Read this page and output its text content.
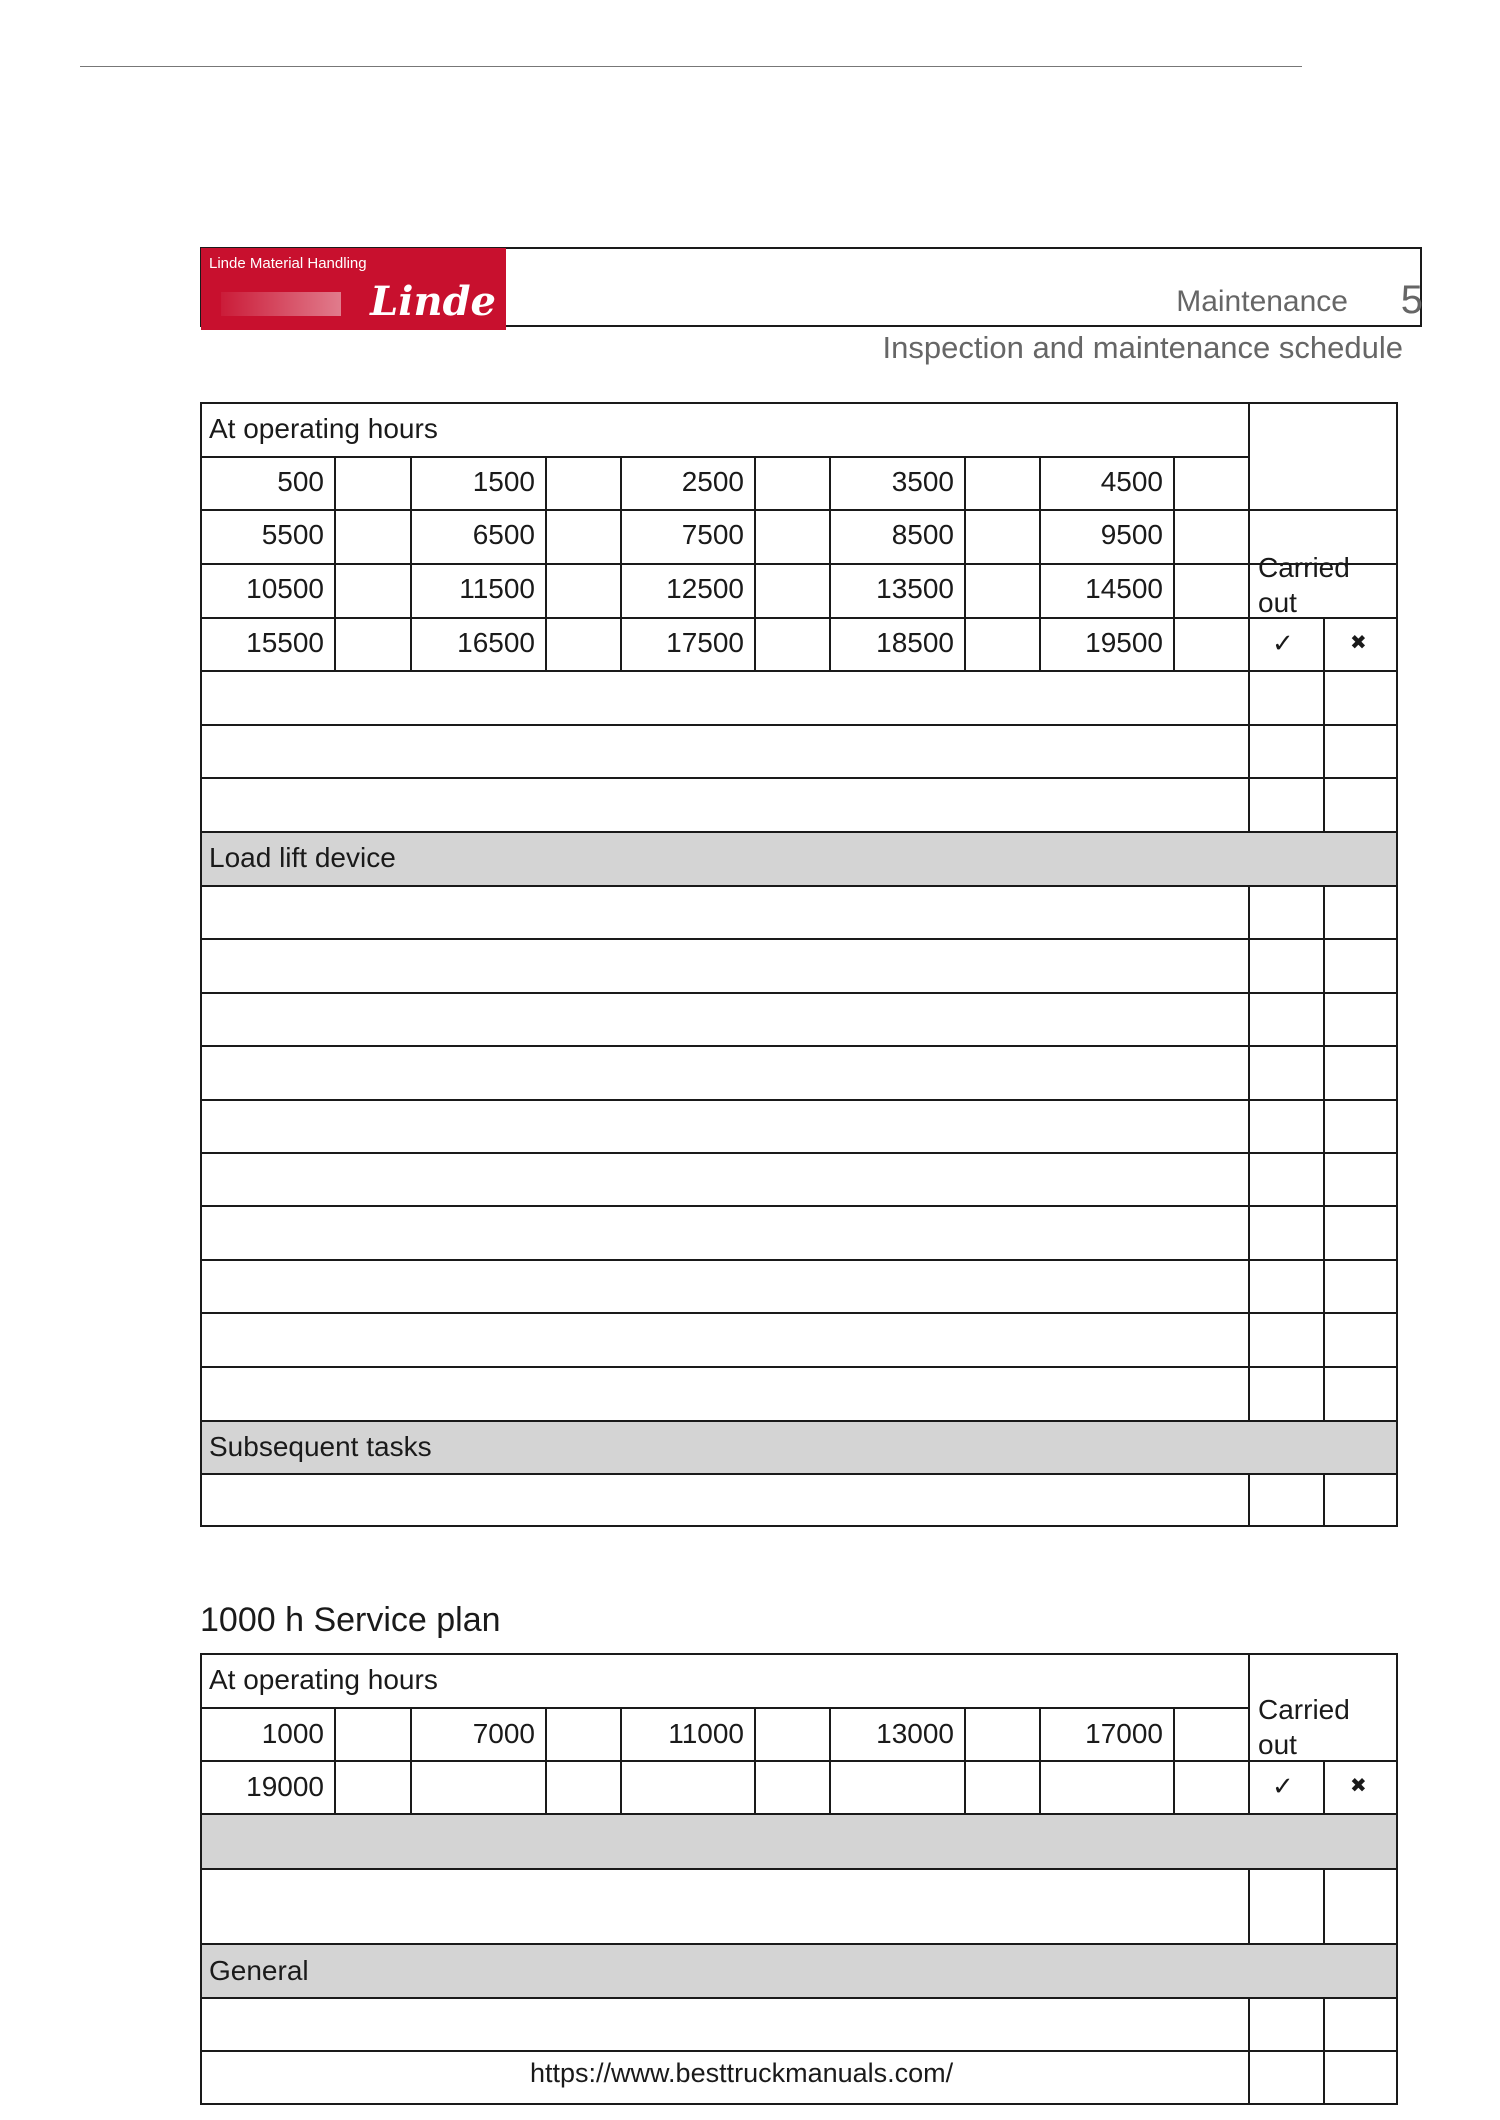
Linde Material Handling
Linde	Maintenance 5
Inspection and maintenance schedule
At operating hours
Carried out
✓	✖
500	1500	2500	3500	4500
5500	6500	7500	8500	9500
10500	11500	12500	13500	14500
15500	16500	17500	18500	19500
Load lift device
Subsequent tasks
1000 h Service plan
At operating hours
Carried out
✓	✖
1000	7000	11000	13000	17000
19000
General
https://www.besttruckmanuals.com/
